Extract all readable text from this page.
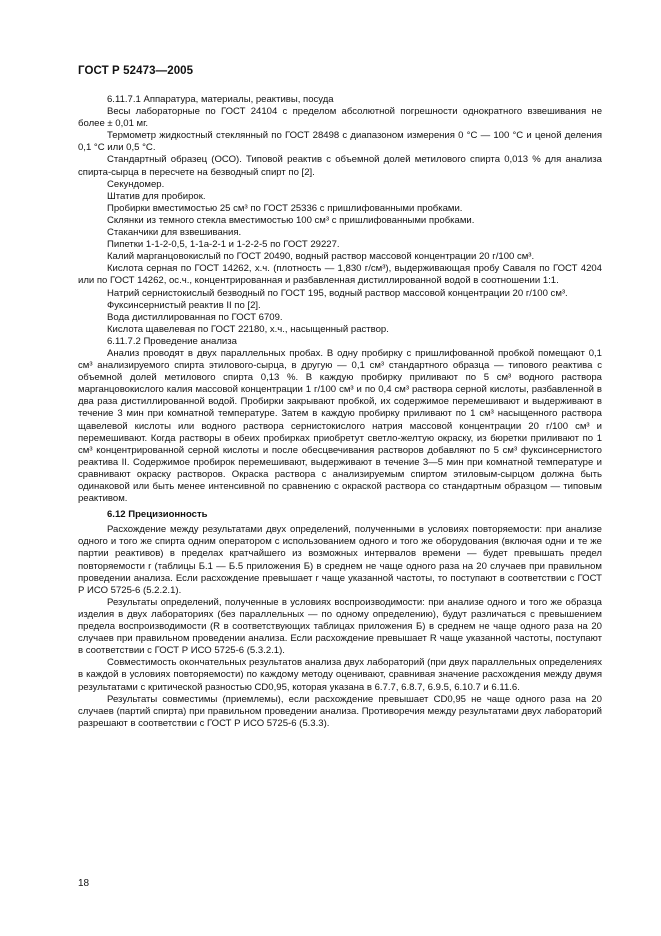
ГОСТ Р 52473—2005

6.11.7.1 Аппаратура, материалы, реактивы, посуда

Весы лабораторные по ГОСТ 24104 с пределом абсолютной погрешности однократного взвешивания не более ± 0,01 мг.

Термометр жидкостный стеклянный по ГОСТ 28498 с диапазоном измерения 0 °С — 100 °С и ценой деления 0,1 °С или 0,5 °С.

Стандартный образец (ОСО). Типовой реактив с объемной долей метилового спирта 0,013 % для анализа спирта-сырца в пересчете на безводный спирт по [2].

Секундомер.

Штатив для пробирок.

Пробирки вместимостью 25 см³ по ГОСТ 25336 с пришлифованными пробками.

Склянки из темного стекла вместимостью 100 см³ с пришлифованными пробками.

Стаканчики для взвешивания.

Пипетки 1-1-2-0,5, 1-1а-2-1 и 1-2-2-5 по ГОСТ 29227.

Калий марганцовокислый по ГОСТ 20490, водный раствор массовой концентрации 20 г/100 см³.

Кислота серная по ГОСТ 14262, х.ч. (плотность — 1,830 г/см³), выдерживающая пробу Саваля по ГОСТ 4204 или по ГОСТ 14262, ос.ч., концентрированная и разбавленная дистиллированной водой в соотношении 1:1.

Натрий сернистокислый безводный по ГОСТ 195, водный раствор массовой концентрации 20 г/100 см³.

Фуксинсернистый реактив II по [2].

Вода дистиллированная по ГОСТ 6709.

Кислота щавелевая по ГОСТ 22180, х.ч., насыщенный раствор.

6.11.7.2 Проведение анализа

Анализ проводят в двух параллельных пробах. В одну пробирку с пришлифованной пробкой помещают 0,1 см³ анализируемого спирта этилового-сырца, в другую — 0,1 см³ стандартного образца — типового реактива с объемной долей метилового спирта 0,13 %. В каждую пробирку приливают по 5 см³ водного раствора марганцовокислого калия массовой концентрации 1 г/100 см³ и по 0,4 см³ раствора серной кислоты, разбавленной в два раза дистиллированной водой. Пробирки закрывают пробкой, их содержимое перемешивают и выдерживают в течение 3 мин при комнатной температуре. Затем в каждую пробирку приливают по 1 см³ насыщенного раствора щавелевой кислоты или водного раствора сернистокислого натрия массовой концентрации 20 г/100 см³ и перемешивают. Когда растворы в обеих пробирках приобретут светло-желтую окраску, из бюретки приливают по 1 см³ концентрированной серной кислоты и после обесцвечивания растворов добавляют по 5 см³ фуксинсернистого реактива II. Содержимое пробирок перемешивают, выдерживают в течение 3—5 мин при комнатной температуре и сравнивают окраску растворов. Окраска раствора с анализируемым спиртом этиловым-сырцом должна быть одинаковой или быть менее интенсивной по сравнению с окраской раствора со стандартным образцом — типовым реактивом.

6.12 Прецизионность

Расхождение между результатами двух определений, полученными в условиях повторяемости: при анализе одного и того же спирта одним оператором с использованием одного и того же оборудования (включая одни и те же партии реактивов) в пределах кратчайшего из возможных интервалов времени — будет превышать предел повторяемости r (таблицы Б.1 — Б.5 приложения Б) в среднем не чаще одного раза на 20 случаев при правильном проведении анализа. Если расхождение превышает r чаще указанной частоты, то поступают в соответствии с ГОСТ Р ИСО 5725-6 (5.2.2.1).

Результаты определений, полученные в условиях воспроизводимости: при анализе одного и того же образца изделия в двух лабораториях (без параллельных — по одному определению), будут различаться с превышением предела воспроизводимости (R в соответствующих таблицах приложения Б) в среднем не чаще одного раза на 20 случаев при правильном проведении анализа. Если расхождение превышает R чаще указанной частоты, поступают в соответствии с ГОСТ Р ИСО 5725-6 (5.3.2.1).

Совместимость окончательных результатов анализа двух лабораторий (при двух параллельных определениях в каждой в условиях повторяемости) по каждому методу оценивают, сравнивая значение расхождения между двумя результатами с критической разностью CD0,95, которая указана в 6.7.7, 6.8.7, 6.9.5, 6.10.7 и 6.11.6.

Результаты совместимы (приемлемы), если расхождение превышает CD0,95 не чаще одного раза на 20 случаев (партий спирта) при правильном проведении анализа. Противоречия между результатами двух лабораторий разрешают в соответствии с ГОСТ Р ИСО 5725-6 (5.3.3).

18
